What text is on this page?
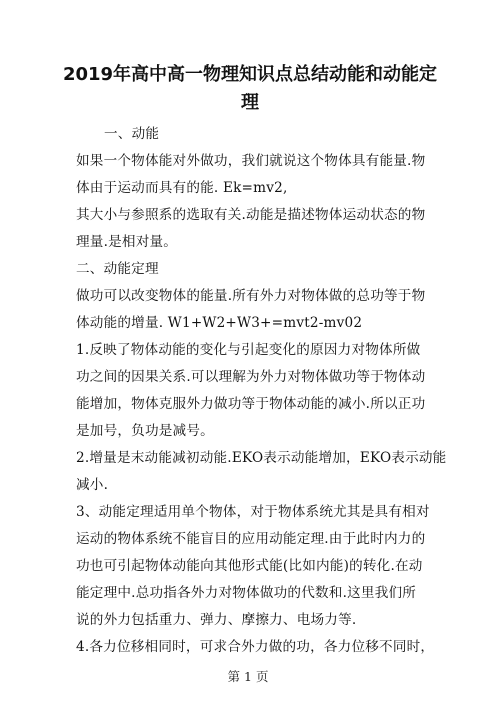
2019年高中高一物理知识点总结动能和动能定
理

一、动能

如果一个物体能对外做功，我们就说这个物体具有能量.物

体由于运动而具有的能. Ek=mv2,

其大小与参照系的选取有关.动能是描述物体运动状态的物

理量.是相对量。

二、动能定理

做功可以改变物体的能量.所有外力对物体做的总功等于物

体动能的增量. W1+W2+W3+=mvt2-mv02

1.反映了物体动能的变化与引起变化的原因力对物体所做

功之间的因果关系.可以理解为外力对物体做功等于物体动

能增加，物体克服外力做功等于物体动能的减小.所以正功

是加号，负功是减号。

2.增量是末动能减初动能.EKO表示动能增加，EKO表示动能

减小.

3、动能定理适用单个物体，对于物体系统尤其是具有相对

运动的物体系统不能盲目的应用动能定理.由于此时内力的

功也可引起物体动能向其他形式能(比如内能)的转化.在动

能定理中.总功指各外力对物体做功的代数和.这里我们所

说的外力包括重力、弹力、摩擦力、电场力等.

4.各力位移相同时，可求合外力做的功，各力位移不同时，

第 1 页
